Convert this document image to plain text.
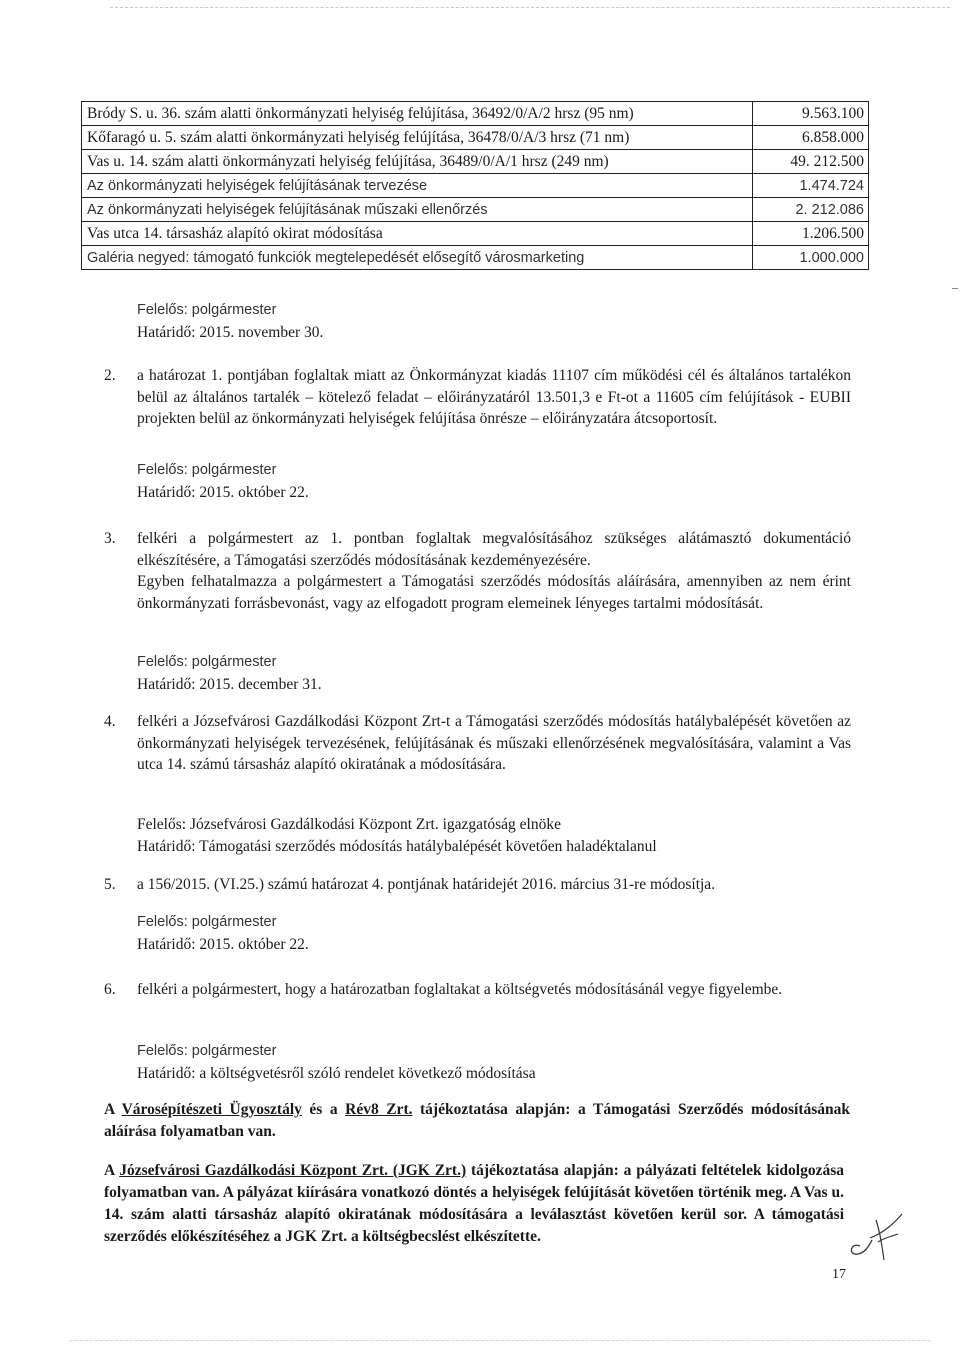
Bródy S. u. 36. szám alatti önkormányzati helyiség felújítása, 36492/0/A/2 hrsz (95 nm)	9.563.100
Kőfaragó u. 5. szám alatti önkormányzati helyiség felújítása, 36478/0/A/3 hrsz (71 nm)	6.858.000
Vas u. 14. szám alatti önkormányzati helyiség felújítása, 36489/0/A/1 hrsz (249 nm)	49. 212.500
Az önkormányzati helyiségek felújításának tervezése	1.474.724
Az önkormányzati helyiségek felújításának műszaki ellenőrzés	2. 212.086
Vas utca 14. társasház alapító okirat módosítása	1.206.500
Galéria negyed: támogató funkciók megtelepedését elősegítő városmarketing	1.000.000
Felelős: polgármester
Határidő: 2015. november 30.
2. a határozat 1. pontjában foglaltak miatt az Önkormányzat kiadás 11107 cím működési cél és általános tartalékon belül az általános tartalék – kötelező feladat – előirányzatáról 13.501,3 e Ft-ot a 11605 cím felújítások - EUBII projekten belül az önkormányzati helyiségek felújítása önrésze – előirányzatára átcsoportosít.
Felelős: polgármester
Határidő: 2015. október 22.
3. felkéri a polgármestert az 1. pontban foglaltak megvalósításához szükséges alátámasztó dokumentáció elkészítésére, a Támogatási szerződés módosításának kezdeményezésére.
Egyben felhatalmazza a polgármestert a Támogatási szerződés módosítás aláírására, amennyiben az nem érint önkormányzati forrásbevonást, vagy az elfogadott program elemeinek lényeges tartalmi módosítását.
Felelős: polgármester
Határidő: 2015. december 31.
4. felkéri a Józsefvárosi Gazdálkodási Központ Zrt-t a Támogatási szerződés módosítás hatálybalépését követően az önkormányzati helyiségek tervezésének, felújításának és műszaki ellenőrzésének megvalósítására, valamint a Vas utca 14. számú társasház alapító okiratának a módosítására.
Felelős: Józsefvárosi Gazdálkodási Központ Zrt. igazgatóság elnöke
Határidő: Támogatási szerződés módosítás hatálybalépését követően haladéktalanul
5. a 156/2015. (VI.25.) számú határozat 4. pontjának határidejét 2016. március 31-re módosítja.
Felelős: polgármester
Határidő: 2015. október 22.
6. felkéri a polgármestert, hogy a határozatban foglaltakat a költségvetés módosításánál vegye figyelembe.
Felelős: polgármester
Határidő: a költségvetésről szóló rendelet következő módosítása

A Városépítészeti Ügyosztály és a Rév8 Zrt. tájékoztatása alapján: a Támogatási Szerződés módosításának aláírása folyamatban van.

A Józsefvárosi Gazdálkodási Központ Zrt. (JGK Zrt.) tájékoztatása alapján: a pályázati feltételek kidolgozása folyamatban van. A pályázat kiírására vonatkozó döntés a helyiségek felújítását követően történik meg. A Vas u. 14. szám alatti társasház alapító okiratának módosítására a leválasztást követően kerül sor. A támogatási szerződés előkészítéséhez a JGK Zrt. a költségbecslést elkészítette.

17
